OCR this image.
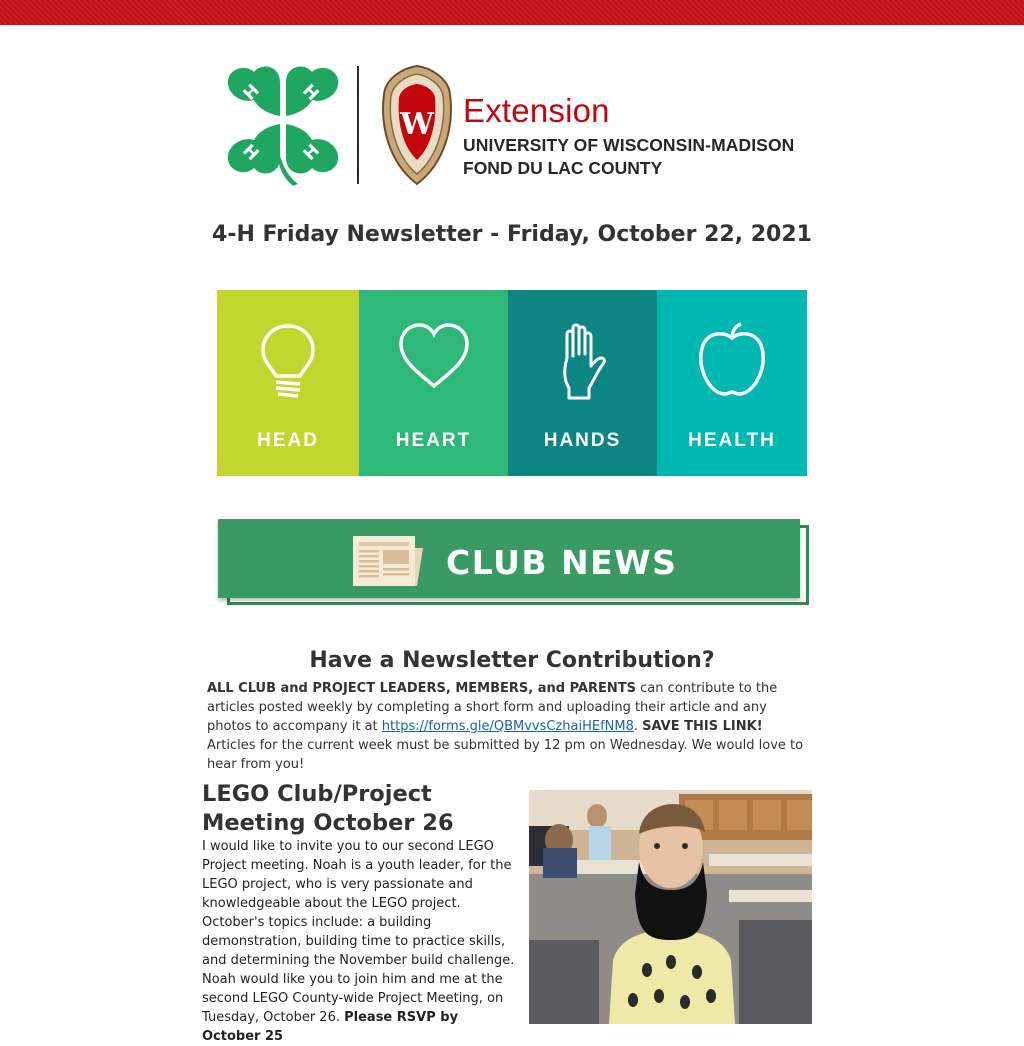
H H
H H
W Extension
UNIVERSITY OF WISCONSIN-MADISON
FOND DU LAC COUNTY
4-H Friday Newsletter - Friday, October 22, 2021
HEAD	HEART	HANDS	HEALTH
CLUB NEWS
Have a Newsletter Contribution?
ALL CLUB and PROJECT LEADERS, MEMBERS, and PARENTS can contribute to the articles posted weekly by completing a short form and uploading their article and any photos to accompany it at https://forms.gle/QBMvvsCzhaiHEfNM8. SAVE THIS LINK! Articles for the current week must be submitted by 12 pm on Wednesday. We would love to hear from you!
LEGO Club/Project Meeting October 26
I would like to invite you to our second LEGO Project meeting. Noah is a youth leader, for the LEGO project, who is very passionate and knowledgeable about the LEGO project. October's topics include: a building demonstration, building time to practice skills, and determining the November build challenge. Noah would like you to join him and me at the second LEGO County-wide Project Meeting, on Tuesday, October 26. Please RSVP by October 25
